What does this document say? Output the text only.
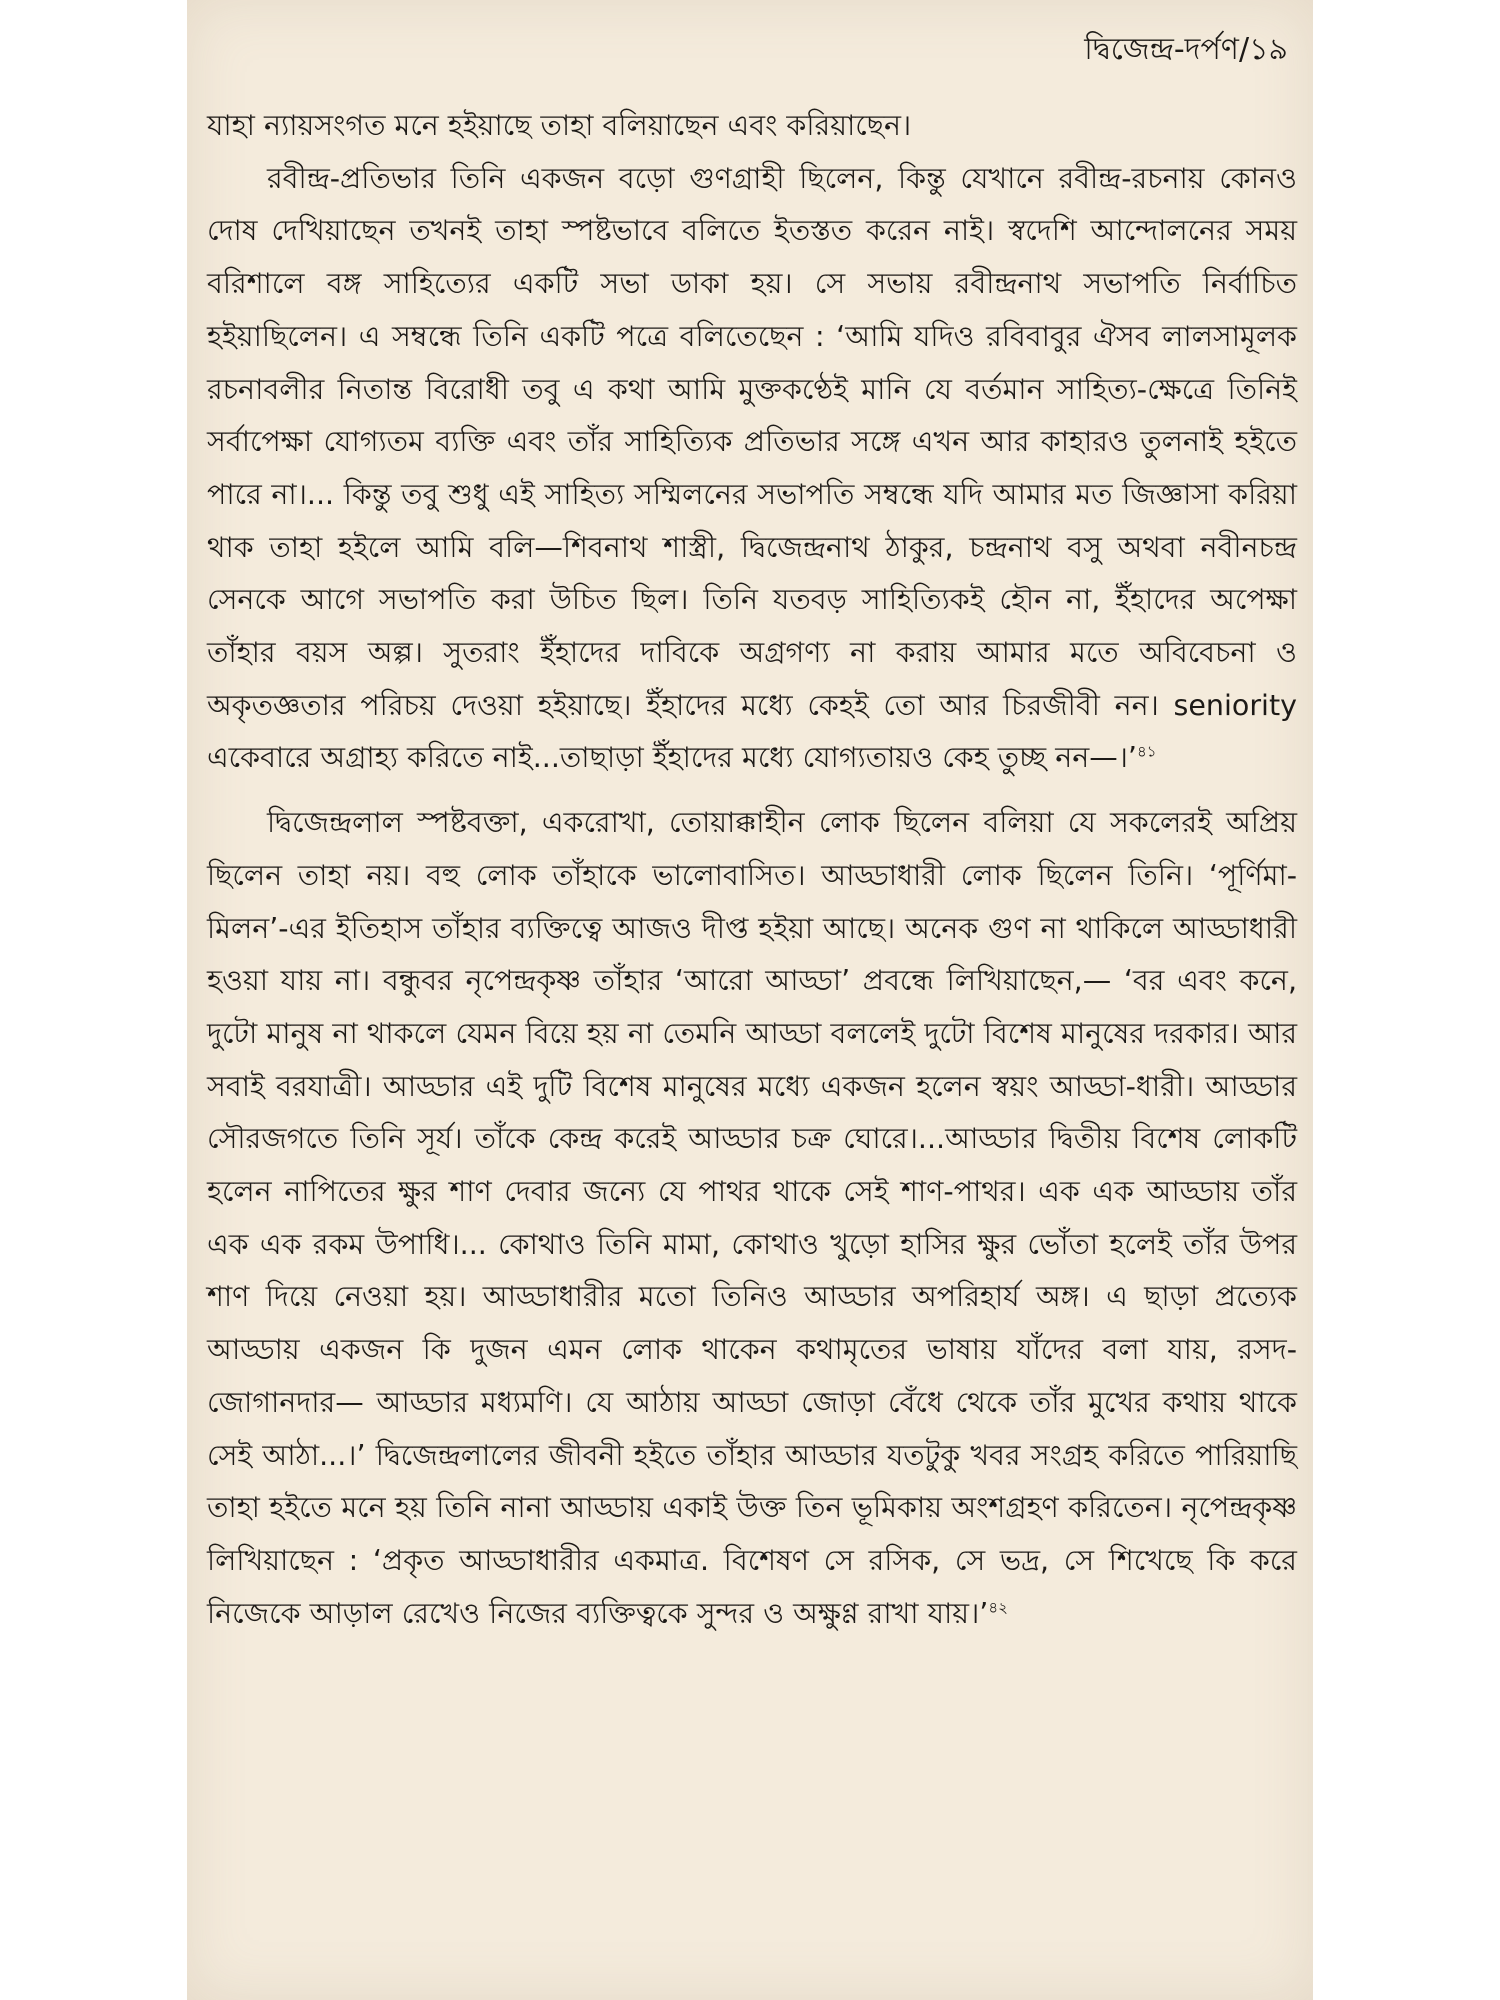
দ্বিজেন্দ্র-দর্পণ/১৯

যাহা ন্যায়সংগত মনে হইয়াছে তাহা বলিয়াছেন এবং করিয়াছেন।

রবীন্দ্র-প্রতিভার তিনি একজন বড়ো গুণগ্রাহী ছিলেন, কিন্তু যেখানে রবীন্দ্র-রচনায় কোনও দোষ দেখিয়াছেন তখনই তাহা স্পষ্টভাবে বলিতে ইতস্তত করেন নাই। স্বদেশি আন্দোলনের সময় বরিশালে বঙ্গ সাহিত্যের একটি সভা ডাকা হয়। সে সভায় রবীন্দ্রনাথ সভাপতি নির্বাচিত হইয়াছিলেন। এ সম্বন্ধে তিনি একটি পত্রে বলিতেছেন : ‘আমি যদিও রবিবাবুর ঐসব লালসামূলক রচনাবলীর নিতান্ত বিরোধী তবু এ কথা আমি মুক্তকণ্ঠেই মানি যে বর্তমান সাহিত্য-ক্ষেত্রে তিনিই সর্বাপেক্ষা যোগ্যতম ব্যক্তি এবং তাঁর সাহিত্যিক প্রতিভার সঙ্গে এখন আর কাহারও তুলনাই হইতে পারে না।... কিন্তু তবু শুধু এই সাহিত্য সম্মিলনের সভাপতি সম্বন্ধে যদি আমার মত জিজ্ঞাসা করিয়া থাক তাহা হইলে আমি বলি—শিবনাথ শাস্ত্রী, দ্বিজেন্দ্রনাথ ঠাকুর, চন্দ্রনাথ বসু অথবা নবীনচন্দ্র সেনকে আগে সভাপতি করা উচিত ছিল। তিনি যতবড় সাহিত্যিকই হৌন না, ইঁহাদের অপেক্ষা তাঁহার বয়স অল্প। সুতরাং ইঁহাদের দাবিকে অগ্রগণ্য না করায় আমার মতে অবিবেচনা ও অকৃতজ্ঞতার পরিচয় দেওয়া হইয়াছে। ইঁহাদের মধ্যে কেহই তো আর চিরজীবী নন। seniority একেবারে অগ্রাহ্য করিতে নাই...তাছাড়া ইঁহাদের মধ্যে যোগ্যতায়ও কেহ তুচ্ছ নন—।’$^{৪১}$

দ্বিজেন্দ্রলাল স্পষ্টবক্তা, একরোখা, তোয়াক্কাহীন লোক ছিলেন বলিয়া যে সকলেরই অপ্রিয় ছিলেন তাহা নয়। বহু লোক তাঁহাকে ভালোবাসিত। আড্ডাধারী লোক ছিলেন তিনি। ‘পূর্ণিমা-মিলন’-এর ইতিহাস তাঁহার ব্যক্তিত্বে আজও দীপ্ত হইয়া আছে। অনেক গুণ না থাকিলে আড্ডাধারী হওয়া যায় না। বন্ধুবর নৃপেন্দ্রকৃষ্ণ তাঁহার ‘আরো আড্ডা’ প্রবন্ধে লিখিয়াছেন,— ‘বর এবং কনে, দুটো মানুষ না থাকলে যেমন বিয়ে হয় না তেমনি আড্ডা বললেই দুটো বিশেষ মানুষের দরকার। আর সবাই বরযাত্রী। আড্ডার এই দুটি বিশেষ মানুষের মধ্যে একজন হলেন স্বয়ং আড্ডা-ধারী। আড্ডার সৌরজগতে তিনি সূর্য। তাঁকে কেন্দ্র করেই আড্ডার চক্র ঘোরে।...আড্ডার দ্বিতীয় বিশেষ লোকটি হলেন নাপিতের ক্ষুর শাণ দেবার জন্যে যে পাথর থাকে সেই শাণ-পাথর। এক এক আড্ডায় তাঁর এক এক রকম উপাধি।... কোথাও তিনি মামা, কোথাও খুড়ো হাসির ক্ষুর ভোঁতা হলেই তাঁর উপর শাণ দিয়ে নেওয়া হয়। আড্ডাধারীর মতো তিনিও আড্ডার অপরিহার্য অঙ্গ। এ ছাড়া প্রত্যেক আড্ডায় একজন কি দুজন এমন লোক থাকেন কথামৃতের ভাষায় যাঁদের বলা যায়, রসদ-জোগানদার— আড্ডার মধ্যমণি। যে আঠায় আড্ডা জোড়া বেঁধে থেকে তাঁর মুখের কথায় থাকে সেই আঠা...।’ দ্বিজেন্দ্রলালের জীবনী হইতে তাঁহার আড্ডার যতটুকু খবর সংগ্রহ করিতে পারিয়াছি তাহা হইতে মনে হয় তিনি নানা আড্ডায় একাই উক্ত তিন ভূমিকায় অংশগ্রহণ করিতেন। নৃপেন্দ্রকৃষ্ণ লিখিয়াছেন : ‘প্রকৃত আড্ডাধারীর একমাত্র. বিশেষণ সে রসিক, সে ভদ্র, সে শিখেছে কি করে নিজেকে আড়াল রেখেও নিজের ব্যক্তিত্বকে সুন্দর ও অক্ষুণ্ণ রাখা যায়।’$^{৪২}$
